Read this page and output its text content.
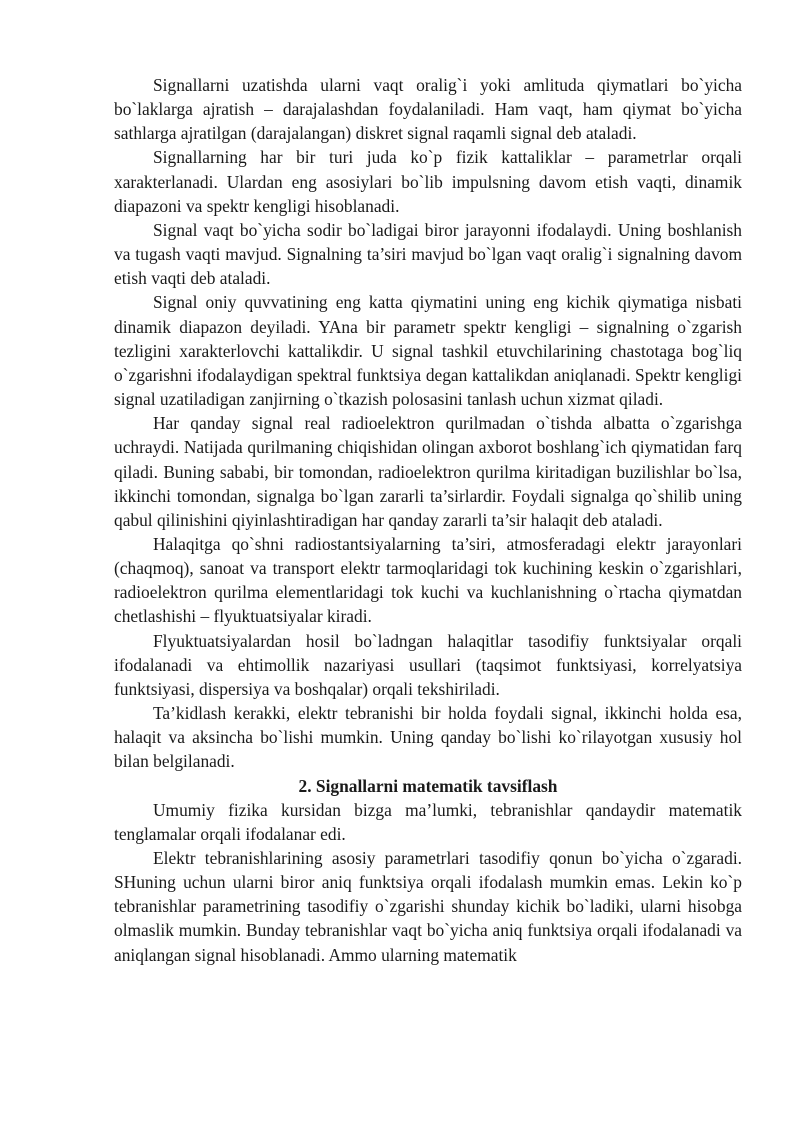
Signallarni uzatishda ularni vaqt oralig`i yoki amlituda qiymatlari bo`yicha bo`laklarga ajratish – darajalashdan foydalaniladi. Ham vaqt, ham qiymat bo`yicha sathlarga ajratilgan (darajalangan) diskret signal raqamli signal deb ataladi.

Signallarning har bir turi juda ko`p fizik kattaliklar – parametrlar orqali xarakterlanadi. Ulardan eng asosiylari bo`lib impulsning davom etish vaqti, dinamik diapazoni va spektr kengligi hisoblanadi.

Signal vaqt bo`yicha sodir bo`ladigai biror jarayonni ifodalaydi. Uning boshlanish va tugash vaqti mavjud. Signalning ta’siri mavjud bo`lgan vaqt oralig`i signalning davom etish vaqti deb ataladi.

Signal oniy quvvatining eng katta qiymatini uning eng kichik qiymatiga nisbati dinamik diapazon deyiladi. YAna bir parametr spektr kengligi – signalning o`zgarish tezligini xarakterlovchi kattalikdir. U signal tashkil etuvchilarining chastotaga bog`liq o`zgarishni ifodalaydigan spektral funktsiya degan kattalikdan aniqlanadi. Spektr kengligi signal uzatiladigan zanjirning o`tkazish polosasini tanlash uchun xizmat qiladi.

Har qanday signal real radioelektron qurilmadan o`tishda albatta o`zgarishga uchraydi. Natijada qurilmaning chiqishidan olingan axborot boshlang`ich qiymatidan farq qiladi. Buning sababi, bir tomondan, radioelektron qurilma kiritadigan buzilishlar bo`lsa, ikkinchi tomondan, signalga bo`lgan zararli ta’sirlardir. Foydali signalga qo`shilib uning qabul qilinishini qiyinlashtiradigan har qanday zararli ta’sir halaqit deb ataladi.

Halaqitga qo`shni radiostantsiyalarning ta’siri, atmosferadagi elektr jarayonlari (chaqmoq), sanoat va transport elektr tarmoqlaridagi tok kuchining keskin o`zgarishlari, radioelektron qurilma elementlaridagi tok kuchi va kuchlanishning o`rtacha qiymatdan chetlashishi – flyuktuatsiyalar kiradi.

Flyuktuatsiyalardan hosil bo`ladngan halaqitlar tasodifiy funktsiyalar orqali ifodalanadi va ehtimollik nazariyasi usullari (taqsimot funktsiyasi, korrelyatsiya funktsiyasi, dispersiya va boshqalar) orqali tekshiriladi.

Ta’kidlash kerakki, elektr tebranishi bir holda foydali signal, ikkinchi holda esa, halaqit va aksincha bo`lishi mumkin. Uning qanday bo`lishi ko`rilayotgan xususiy hol bilan belgilanadi.

2. Signallarni matematik tavsiflash

Umumiy fizika kursidan bizga ma’lumki, tebranishlar qandaydir matematik tenglamalar orqali ifodalanar edi.

Elektr tebranishlarining asosiy parametrlari tasodifiy qonun bo`yicha o`zgaradi. SHuning uchun ularni biror aniq funktsiya orqali ifodalash mumkin emas. Lekin ko`p tebranishlar parametrining tasodifiy o`zgarishi shunday kichik bo`ladiki, ularni hisobga olmaslik mumkin. Bunday tebranishlar vaqt bo`yicha aniq funktsiya orqali ifodalanadi va aniqlangan signal hisoblanadi. Ammo ularning matematik
